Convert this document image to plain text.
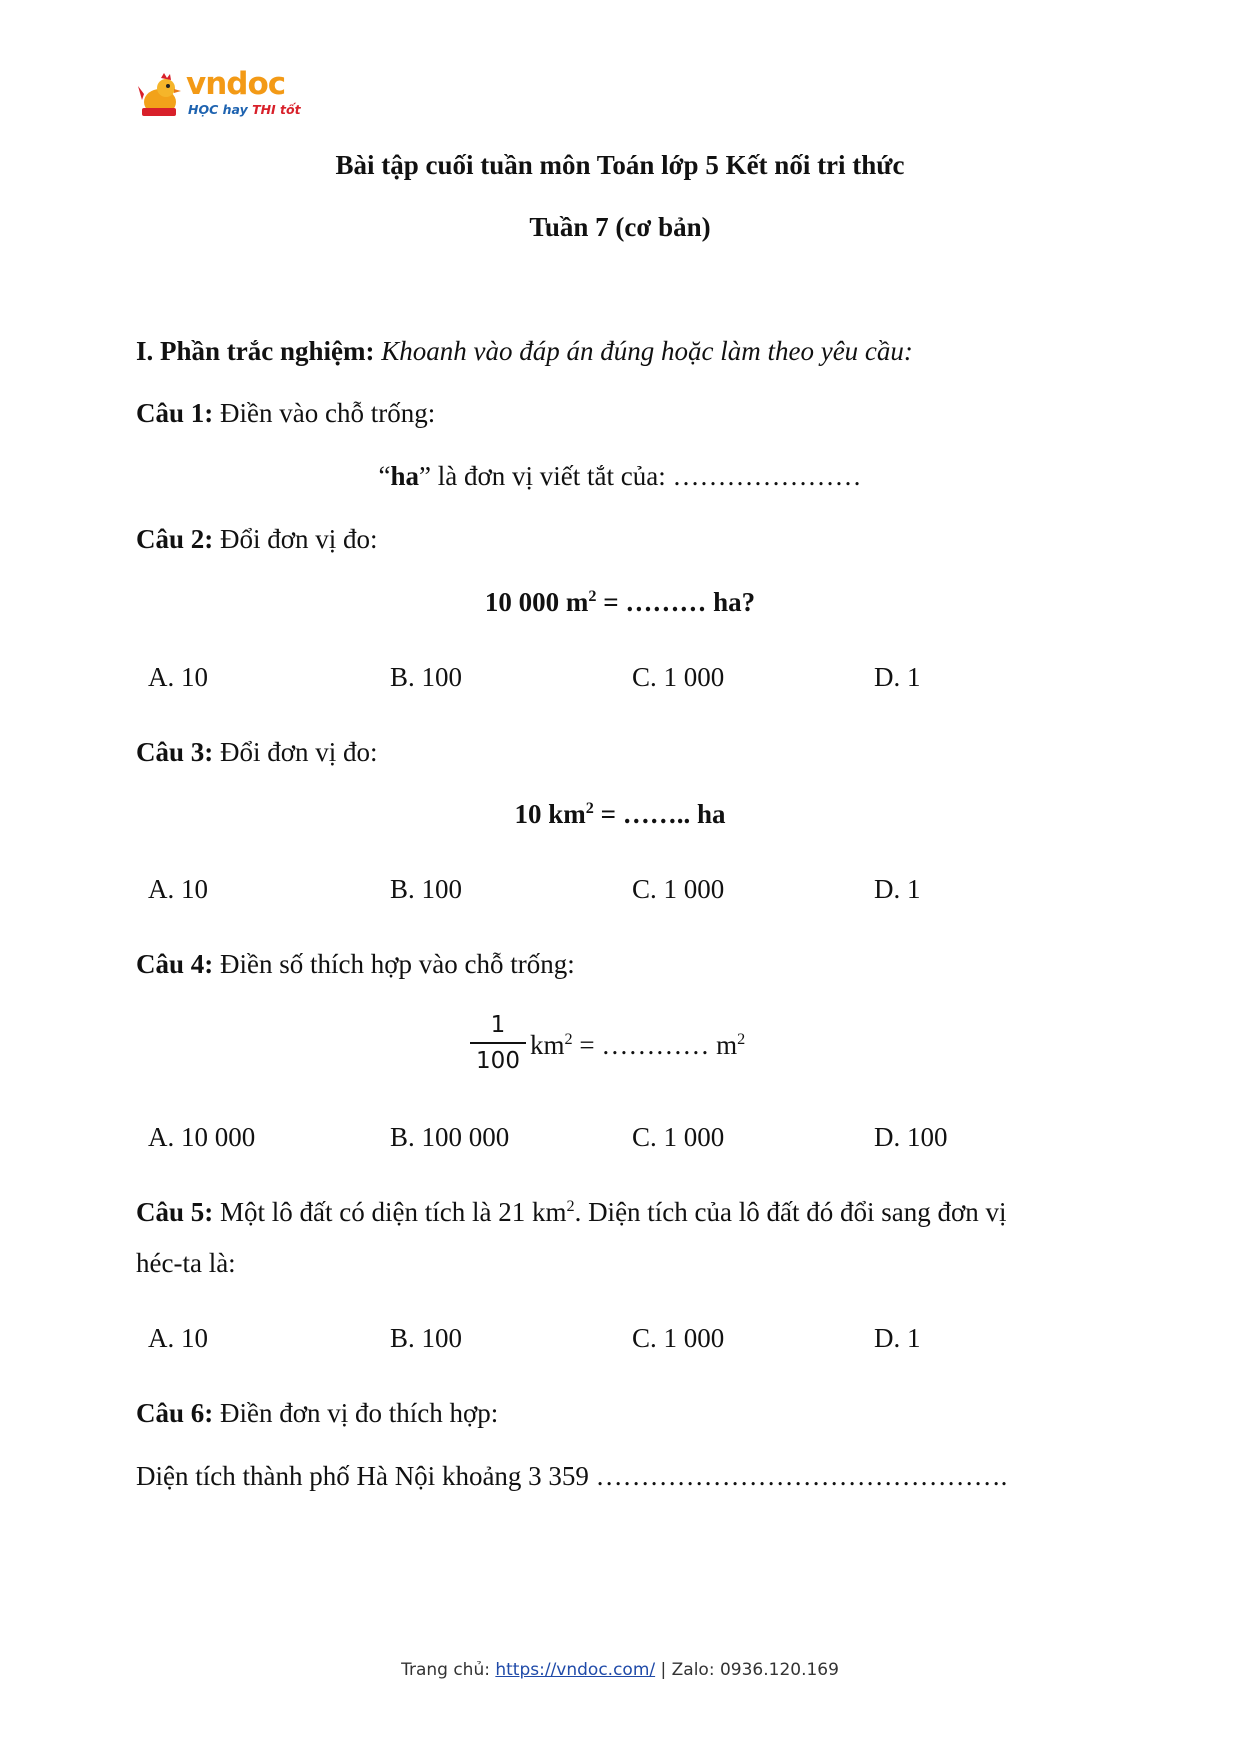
vndoc
HỌC hay THI tốt
Bài tập cuối tuần môn Toán lớp 5 Kết nối tri thức
Tuần 7 (cơ bản)
I. Phần trắc nghiệm: Khoanh vào đáp án đúng hoặc làm theo yêu cầu:
Câu 1: Điền vào chỗ trống:
“ha” là đơn vị viết tắt của: …………………
Câu 2: Đổi đơn vị đo:
10 000 $m^2$ = ……… ha?
A. 10	B. 100	C. 1 000	D. 1
Câu 3: Đổi đơn vị đo:
10 $km^2$ = …….. ha
A. 10	B. 100	C. 1 000	D. 1
Câu 4: Điền số thích hợp vào chỗ trống:
1
100
$km^2$ = ………… $m^2$
A. 10 000	B. 100 000	C. 1 000	D. 100
Câu 5: Một lô đất có diện tích là 21 $km^2$. Diện tích của lô đất đó đổi sang đơn vị
héc-ta là:
A. 10	B. 100	C. 1 000	D. 1
Câu 6: Điền đơn vị đo thích hợp:
Diện tích thành phố Hà Nội khoảng 3 359 ……………………………………….
Trang chủ: https://vndoc.com/ | Zalo: 0936.120.169
